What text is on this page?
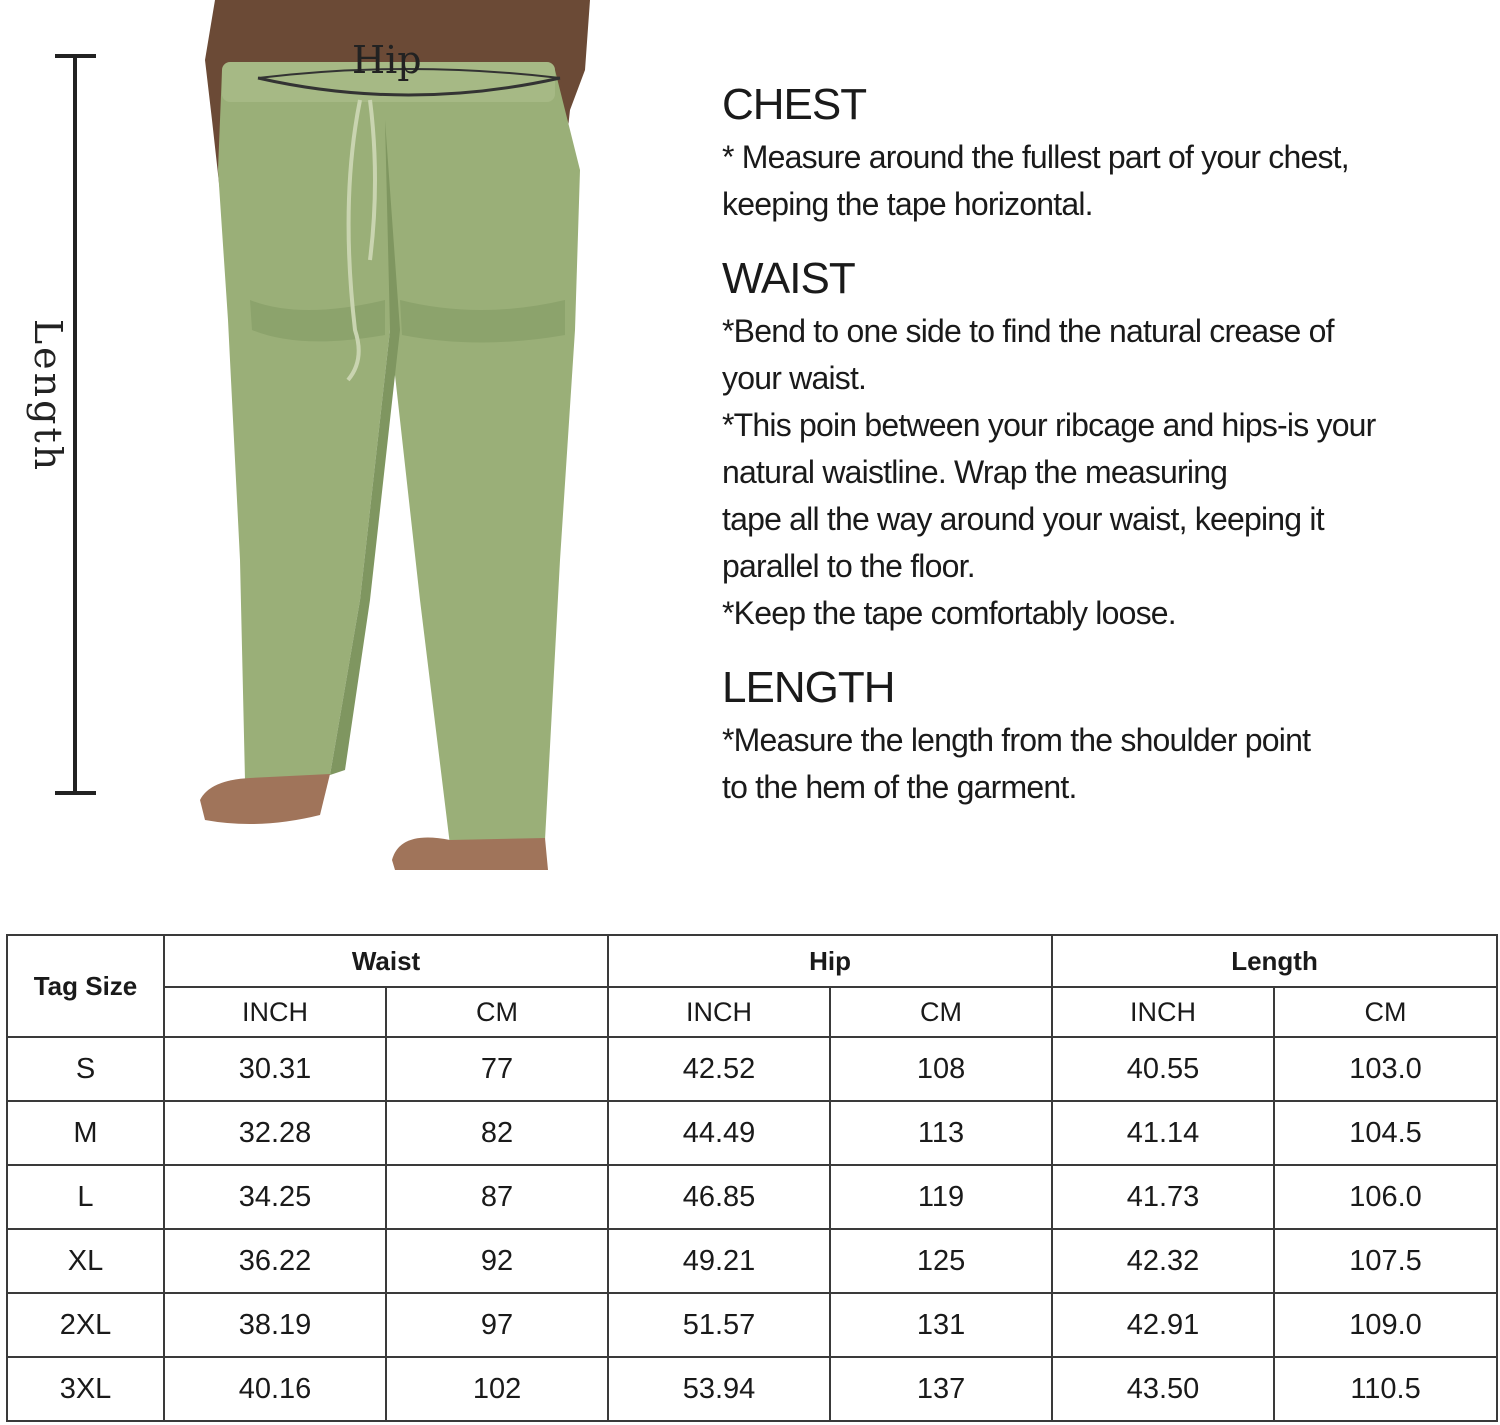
Hip
Length
CHEST

* Measure around the fullest part of your chest,

keeping the tape horizontal.

WAIST

*Bend to one side to find the natural crease of

your waist.

*This poin between your ribcage and hips-is your

natural waistline. Wrap the measuring

tape all the way around your waist, keeping it

parallel to the floor.

*Keep the tape comfortably loose.

LENGTH

*Measure the length from the shoulder point

to the hem of the garment.

Tag Size	Waist		Hip		Length	
	INCH	CM	INCH	CM	INCH	CM
S	30.31	77	42.52	108	40.55	103.0
M	32.28	82	44.49	113	41.14	104.5
L	34.25	87	46.85	119	41.73	106.0
XL	36.22	92	49.21	125	42.32	107.5
2XL	38.19	97	51.57	131	42.91	109.0
3XL	40.16	102	53.94	137	43.50	110.5
